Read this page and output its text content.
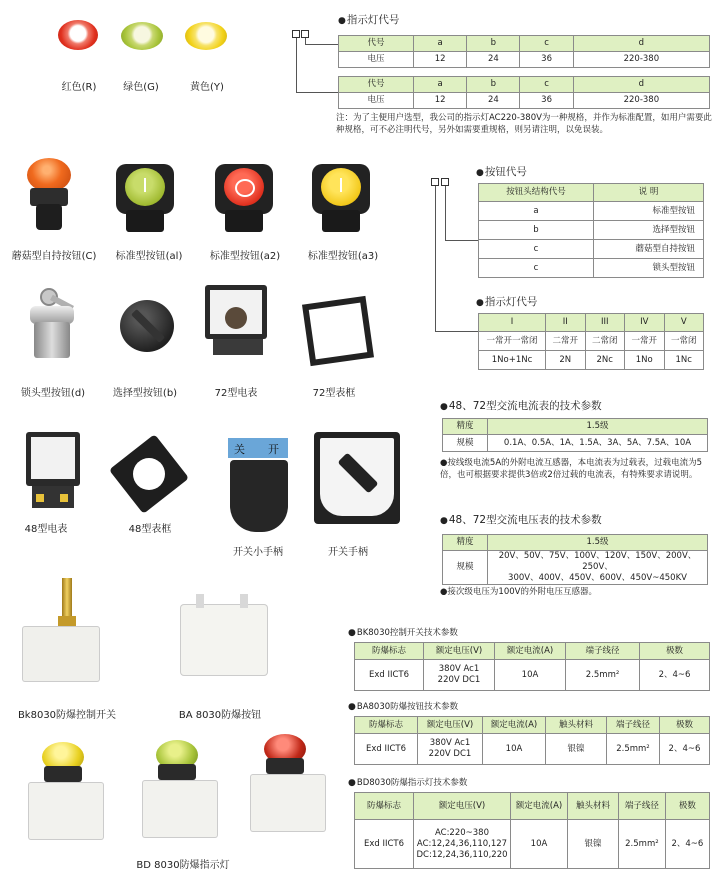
红色(R)	绿色(G)	黄色(Y)
●指示灯代号
代号	a	b	c	d
电压	12	24	36	220-380
代号	a	b	c	d
电压	12	24	36	220-380
注：为了主便用户选型，我公司的指示灯AC220-380V为一种规格，并作为标准配置，如用户需要此种规格，可不必注明代号，另外如需要重规格，则另请注明，以免误装。
蘑菇型自持按钮(C)	标准型按钮(al)	标准型按钮(a2)	标准型按钮(a3)
●按钮代号
按钮头结构代号	说 明
a	标准型按钮
b	选择型按钮
c	蘑菇型自持按钮
c	锁头型按钮
●指示灯代号
I	II	III	IV	V
一常开一常闭	二常开	二常闭	一常开	一常闭
1No+1Nc	2N	2Nc	1No	1Nc
锁头型按钮(d)	选择型按钮(b)	72型电表	72型表框
●48、72型交流电流表的技术参数
精度	1.5级
规模	0.1A、0.5A、1A、1.5A、3A、5A、7.5A、10A
●按线级电流5A的外附电流互感器，本电流表为过载表，过载电流为5倍，也可根据要求提供3倍或2倍过载的电流表，有特殊要求请说明。
关 开
48型电表	48型表框
开关小手柄	开关手柄
●48、72型交流电压表的技术参数
精度	1.5级
规模	20V、50V、75V、100V、120V、150V、200V、250V、
300V、400V、450V、600V、450V~450KV
●接次级电压为100V的外附电压互感器。
Bk8030防爆控制开关
●BK8030控制开关技术参数
防爆标志	额定电压(V)	额定电流(A)	端子线径	极数
Exd IICT6	380V Ac1
220V DC1	10A	2.5mm²	2、4~6
BA 8030防爆按钮
●BA8030防爆按钮技术参数
防爆标志	额定电压(V)	额定电流(A)	触头材料	端子线径	极数
Exd IICT6	380V Ac1
220V DC1	10A	银镍	2.5mm²	2、4~6
BD 8030防爆指示灯
●BD8030防爆指示灯技术参数
防爆标志	额定电压(V)	额定电流(A)	触头材料	端子线径	极数
Exd IICT6	AC:220~380
AC:12,24,36,110,127
DC:12,24,36,110,220	10A	银镍	2.5mm²	2、4~6
